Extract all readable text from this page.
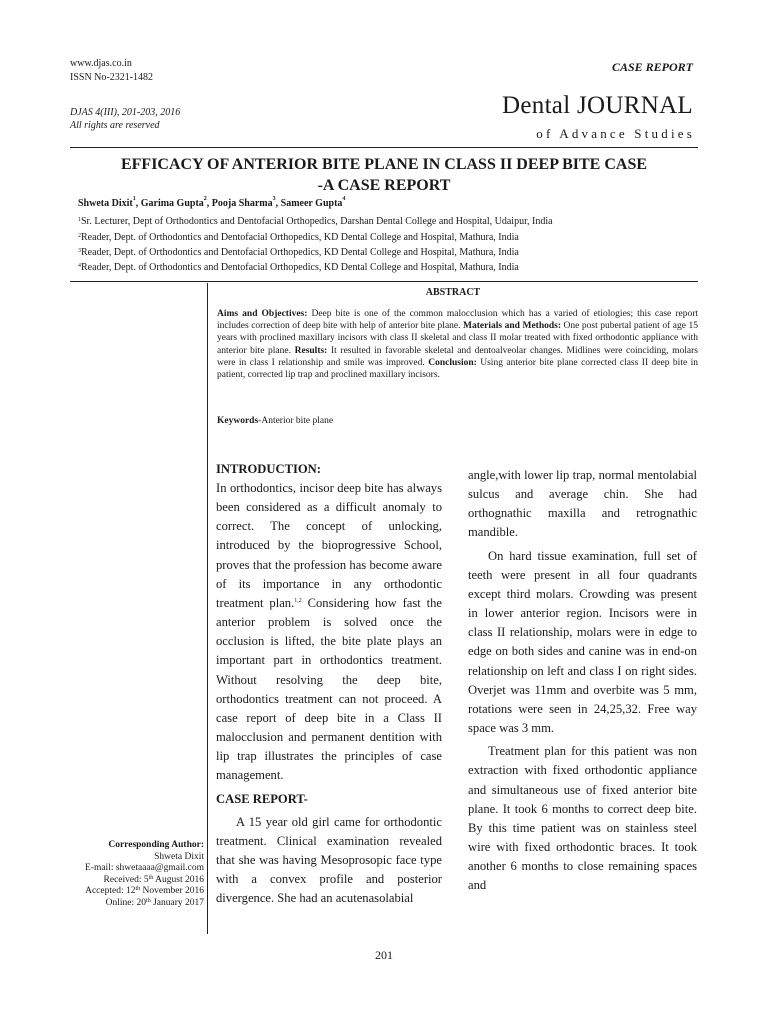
www.djas.co.in
ISSN No-2321-1482
DJAS 4(III), 201-203, 2016
All rights are reserved
CASE REPORT
Dental JOURNAL
of Advance Studies
EFFICACY OF ANTERIOR BITE PLANE IN CLASS II DEEP BITE CASE
-A CASE REPORT
Shweta Dixit$^1$, Garima Gupta$^2$, Pooja Sharma$^3$, Sameer Gupta$^4$
$^1$Sr. Lecturer, Dept of Orthodontics and Dentofacial Orthopedics, Darshan Dental College and Hospital, Udaipur, India
$^2$Reader, Dept. of Orthodontics and Dentofacial Orthopedics, KD Dental College and Hospital, Mathura, India
$^3$Reader, Dept. of Orthodontics and Dentofacial Orthopedics, KD Dental College and Hospital, Mathura, India
$^4$Reader, Dept. of Orthodontics and Dentofacial Orthopedics, KD Dental College and Hospital, Mathura, India
ABSTRACT
Aims and Objectives: Deep bite is one of the common malocclusion which has a varied of etiologies; this case report includes correction of deep bite with help of anterior bite plane. Materials and Methods: One post pubertal patient of age 15 years with proclined maxillary incisors with class II skeletal and class II molar treated with fixed orthodontic appliance with anterior bite plane. Results: It resulted in favorable skeletal and dentoalveolar changes. Midlines were coinciding, molars were in class I relationship and smile was improved. Conclusion: Using anterior bite plane corrected class II deep bite in patient, corrected lip trap and proclined maxillary incisors.
Keywords-Anterior bite plane
INTRODUCTION:

In orthodontics, incisor deep bite has always been considered as a difficult anomaly to correct. The concept of unlocking, introduced by the bioprogressive School, proves that the profession has become aware of its importance in any orthodontic treatment plan.$^{1,2}$ Considering how fast the anterior problem is solved once the occlusion is lifted, the bite plate plays an important part in orthodontics treatment. Without resolving the deep bite, orthodontics treatment can not proceed. A case report of deep bite in a Class II malocclusion and permanent dentition with lip trap illustrates the principles of case management.

CASE REPORT-

A 15 year old girl came for orthodontic treatment. Clinical examination revealed that she was having Mesoprosopic face type with a convex profile and posterior divergence. She had an acutenasolabial

angle,with lower lip trap, normal mentolabial sulcus and average chin. She had orthognathic maxilla and retrognathic mandible.

On hard tissue examination, full set of teeth were present in all four quadrants except third molars. Crowding was present in lower anterior region. Incisors were in class II relationship, molars were in edge to edge on both sides and canine was in end-on relationship on left and class I on right sides. Overjet was 11mm and overbite was 5 mm, rotations were seen in 24,25,32. Free way space was 3 mm.

Treatment plan for this patient was non extraction with fixed orthodontic appliance and simultaneous use of fixed anterior bite plane. It took 6 months to correct deep bite. By this time patient was on stainless steel wire with fixed orthodontic braces. It took another 6 months to close remaining spaces and

Corresponding Author:
Shweta Dixit
E-mail: shwetaaaa@gmail.com
Received: 5th August 2016
Accepted: 12th November 2016
Online: 20th January 2017
201
